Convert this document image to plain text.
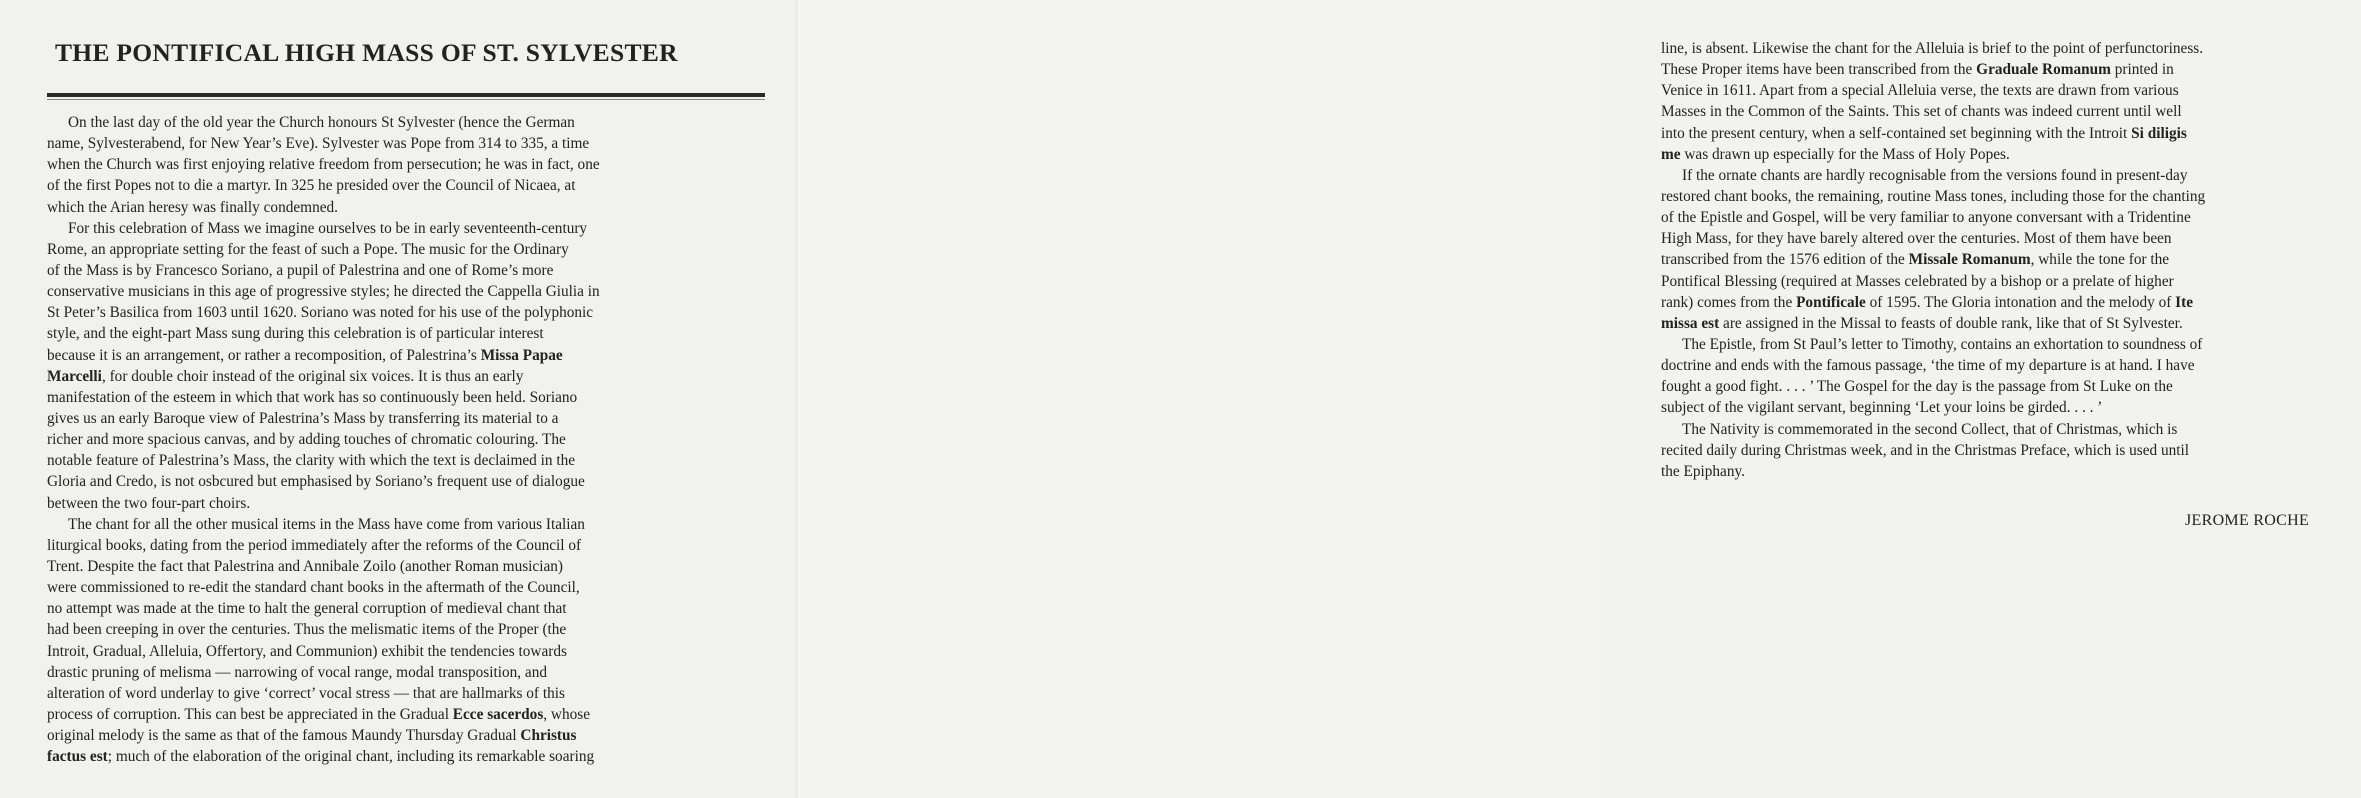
THE PONTIFICAL HIGH MASS OF ST. SYLVESTER
On the last day of the old year the Church honours St Sylvester (hence the German
name, Sylvesterabend, for New Year’s Eve). Sylvester was Pope from 314 to 335, a time
when the Church was first enjoying relative freedom from persecution; he was in fact, one
of the first Popes not to die a martyr. In 325 he presided over the Council of Nicaea, at
which the Arian heresy was finally condemned.
For this celebration of Mass we imagine ourselves to be in early seventeenth-century
Rome, an appropriate setting for the feast of such a Pope. The music for the Ordinary
of the Mass is by Francesco Soriano, a pupil of Palestrina and one of Rome’s more
conservative musicians in this age of progressive styles; he directed the Cappella Giulia in
St Peter’s Basilica from 1603 until 1620. Soriano was noted for his use of the polyphonic
style, and the eight-part Mass sung during this celebration is of particular interest
because it is an arrangement, or rather a recomposition, of Palestrina’s Missa Papae
Marcelli, for double choir instead of the original six voices. It is thus an early
manifestation of the esteem in which that work has so continuously been held. Soriano
gives us an early Baroque view of Palestrina’s Mass by transferring its material to a
richer and more spacious canvas, and by adding touches of chromatic colouring. The
notable feature of Palestrina’s Mass, the clarity with which the text is declaimed in the
Gloria and Credo, is not osbcured but emphasised by Soriano’s frequent use of dialogue
between the two four-part choirs.
The chant for all the other musical items in the Mass have come from various Italian
liturgical books, dating from the period immediately after the reforms of the Council of
Trent. Despite the fact that Palestrina and Annibale Zoilo (another Roman musician)
were commissioned to re-edit the standard chant books in the aftermath of the Council,
no attempt was made at the time to halt the general corruption of medieval chant that
had been creeping in over the centuries. Thus the melismatic items of the Proper (the
Introit, Gradual, Alleluia, Offertory, and Communion) exhibit the tendencies towards
drastic pruning of melisma — narrowing of vocal range, modal transposition, and
alteration of word underlay to give ‘correct’ vocal stress — that are hallmarks of this
process of corruption. This can best be appreciated in the Gradual Ecce sacerdos, whose
original melody is the same as that of the famous Maundy Thursday Gradual Christus
factus est; much of the elaboration of the original chant, including its remarkable soaring
line, is absent. Likewise the chant for the Alleluia is brief to the point of perfunctoriness.
These Proper items have been transcribed from the Graduale Romanum printed in
Venice in 1611. Apart from a special Alleluia verse, the texts are drawn from various
Masses in the Common of the Saints. This set of chants was indeed current until well
into the present century, when a self-contained set beginning with the Introit Si diligis
me was drawn up especially for the Mass of Holy Popes.
If the ornate chants are hardly recognisable from the versions found in present-day
restored chant books, the remaining, routine Mass tones, including those for the chanting
of the Epistle and Gospel, will be very familiar to anyone conversant with a Tridentine
High Mass, for they have barely altered over the centuries. Most of them have been
transcribed from the 1576 edition of the Missale Romanum, while the tone for the
Pontifical Blessing (required at Masses celebrated by a bishop or a prelate of higher
rank) comes from the Pontificale of 1595. The Gloria intonation and the melody of Ite
missa est are assigned in the Missal to feasts of double rank, like that of St Sylvester.
The Epistle, from St Paul’s letter to Timothy, contains an exhortation to soundness of
doctrine and ends with the famous passage, ‘the time of my departure is at hand. I have
fought a good fight. . . . ’ The Gospel for the day is the passage from St Luke on the
subject of the vigilant servant, beginning ‘Let your loins be girded. . . . ’
The Nativity is commemorated in the second Collect, that of Christmas, which is
recited daily during Christmas week, and in the Christmas Preface, which is used until
the Epiphany.
JEROME ROCHE
